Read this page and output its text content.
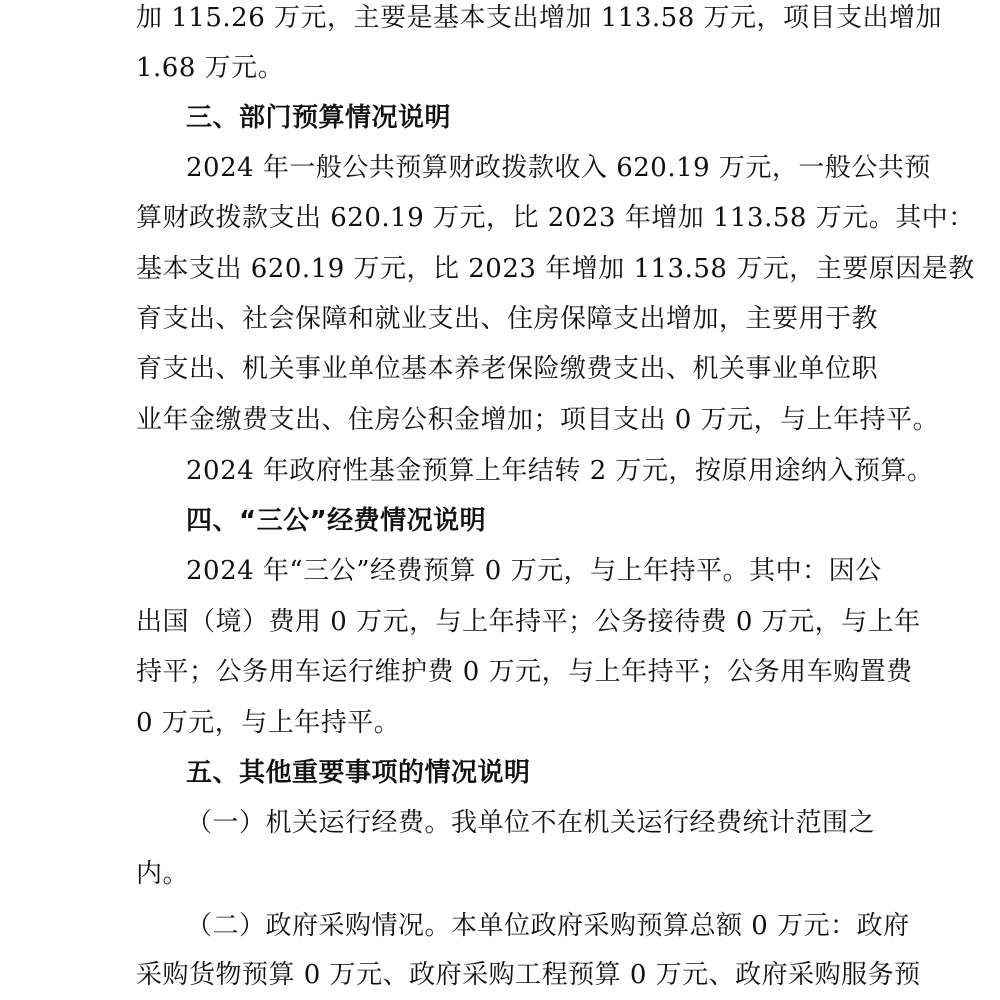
加 115.26 万元，主要是基本支出增加 113.58 万元，项目支出增加
1.68 万元。
三、部门预算情况说明
2024 年一般公共预算财政拨款收入 620.19 万元，一般公共预
算财政拨款支出 620.19 万元，比 2023 年增加 113.58 万元。其中：
基本支出 620.19 万元，比 2023 年增加 113.58 万元，主要原因是教
育支出、社会保障和就业支出、住房保障支出增加，主要用于教
育支出、机关事业单位基本养老保险缴费支出、机关事业单位职
业年金缴费支出、住房公积金增加；项目支出 0 万元，与上年持平。
2024 年政府性基金预算上年结转 2 万元，按原用途纳入预算。
四、“三公”经费情况说明
2024 年“三公”经费预算 0 万元，与上年持平。其中：因公
出国（境）费用 0 万元，与上年持平；公务接待费 0 万元，与上年
持平；公务用车运行维护费 0 万元，与上年持平；公务用车购置费
0 万元，与上年持平。
五、其他重要事项的情况说明
（一）机关运行经费。我单位不在机关运行经费统计范围之
内。
（二）政府采购情况。本单位政府采购预算总额 0 万元：政府
采购货物预算 0 万元、政府采购工程预算 0 万元、政府采购服务预
